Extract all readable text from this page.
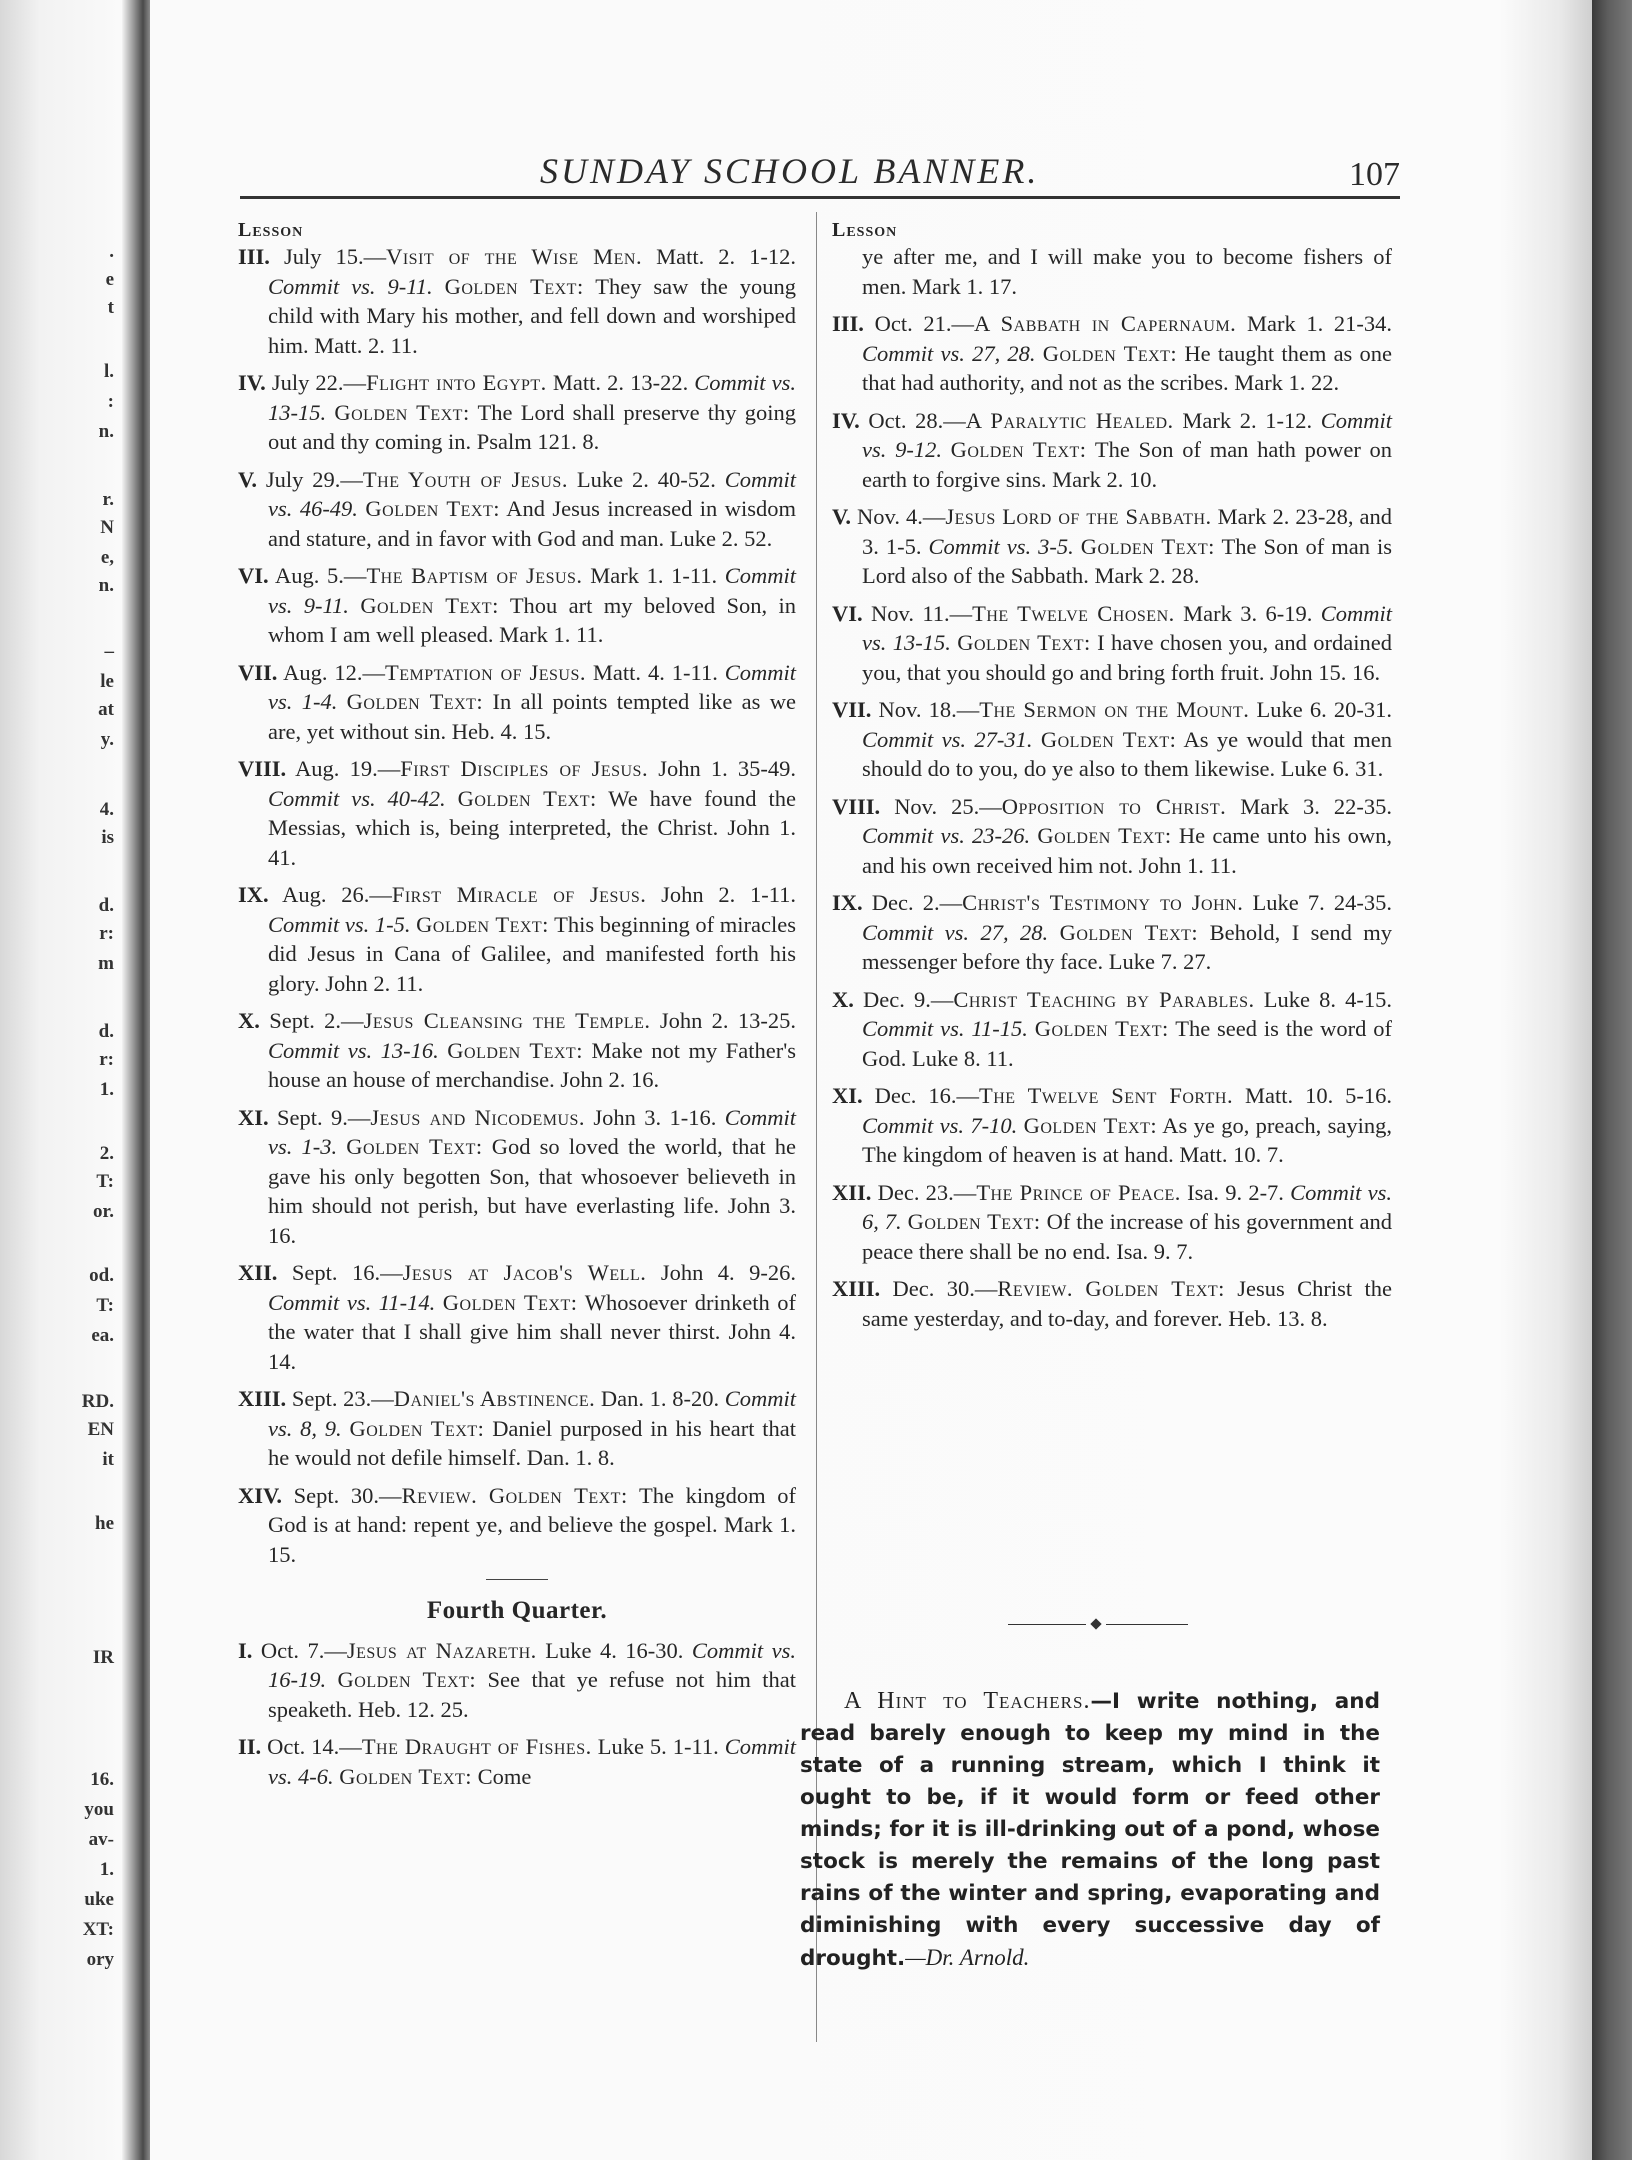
.
e
t
l.
:
n.
r.
N
e,
n.
–
le
at
y.
4.
is
d.
r:
m
d.
r:
1.
2.
T:
or.
od.
T:
ea.
RD.
EN
it
he
IR
16.
you
av-
1.
uke
XT:
ory
SUNDAY SCHOOL BANNER.	107
Lesson

III. July 15.—Visit of the Wise Men. Matt. 2. 1-12. Commit vs. 9-11. Golden Text: They saw the young child with Mary his mother, and fell down and worshiped him. Matt. 2. 11.

IV. July 22.—Flight into Egypt. Matt. 2. 13-22. Commit vs. 13-15. Golden Text: The Lord shall preserve thy going out and thy coming in. Psalm 121. 8.

V. July 29.—The Youth of Jesus. Luke 2. 40-52. Commit vs. 46-49. Golden Text: And Jesus increased in wisdom and stature, and in favor with God and man. Luke 2. 52.

VI. Aug. 5.—The Baptism of Jesus. Mark 1. 1-11. Commit vs. 9-11. Golden Text: Thou art my beloved Son, in whom I am well pleased. Mark 1. 11.

VII. Aug. 12.—Temptation of Jesus. Matt. 4. 1-11. Commit vs. 1-4. Golden Text: In all points tempted like as we are, yet without sin. Heb. 4. 15.

VIII. Aug. 19.—First Disciples of Jesus. John 1. 35-49. Commit vs. 40-42. Golden Text: We have found the Messias, which is, being interpreted, the Christ. John 1. 41.

IX. Aug. 26.—First Miracle of Jesus. John 2. 1-11. Commit vs. 1-5. Golden Text: This beginning of miracles did Jesus in Cana of Galilee, and manifested forth his glory. John 2. 11.

X. Sept. 2.—Jesus Cleansing the Temple. John 2. 13-25. Commit vs. 13-16. Golden Text: Make not my Father's house an house of merchandise. John 2. 16.

XI. Sept. 9.—Jesus and Nicodemus. John 3. 1-16. Commit vs. 1-3. Golden Text: God so loved the world, that he gave his only begotten Son, that whosoever believeth in him should not perish, but have everlasting life. John 3. 16.

XII. Sept. 16.—Jesus at Jacob's Well. John 4. 9-26. Commit vs. 11-14. Golden Text: Whosoever drinketh of the water that I shall give him shall never thirst. John 4. 14.

XIII. Sept. 23.—Daniel's Abstinence. Dan. 1. 8-20. Commit vs. 8, 9. Golden Text: Daniel purposed in his heart that he would not defile himself. Dan. 1. 8.

XIV. Sept. 30.—Review. Golden Text: The kingdom of God is at hand: repent ye, and believe the gospel. Mark 1. 15.

Fourth Quarter.

I. Oct. 7.—Jesus at Nazareth. Luke 4. 16-30. Commit vs. 16-19. Golden Text: See that ye refuse not him that speaketh. Heb. 12. 25.

II. Oct. 14.—The Draught of Fishes. Luke 5. 1-11. Commit vs. 4-6. Golden Text: Come

Lesson
ye after me, and I will make you to become fishers of men. Mark 1. 17.

III. Oct. 21.—A Sabbath in Capernaum. Mark 1. 21-34. Commit vs. 27, 28. Golden Text: He taught them as one that had authority, and not as the scribes. Mark 1. 22.

IV. Oct. 28.—A Paralytic Healed. Mark 2. 1-12. Commit vs. 9-12. Golden Text: The Son of man hath power on earth to forgive sins. Mark 2. 10.

V. Nov. 4.—Jesus Lord of the Sabbath. Mark 2. 23-28, and 3. 1-5. Commit vs. 3-5. Golden Text: The Son of man is Lord also of the Sabbath. Mark 2. 28.

VI. Nov. 11.—The Twelve Chosen. Mark 3. 6-19. Commit vs. 13-15. Golden Text: I have chosen you, and ordained you, that you should go and bring forth fruit. John 15. 16.

VII. Nov. 18.—The Sermon on the Mount. Luke 6. 20-31. Commit vs. 27-31. Golden Text: As ye would that men should do to you, do ye also to them likewise. Luke 6. 31.

VIII. Nov. 25.—Opposition to Christ. Mark 3. 22-35. Commit vs. 23-26. Golden Text: He came unto his own, and his own received him not. John 1. 11.

IX. Dec. 2.—Christ's Testimony to John. Luke 7. 24-35. Commit vs. 27, 28. Golden Text: Behold, I send my messenger before thy face. Luke 7. 27.

X. Dec. 9.—Christ Teaching by Parables. Luke 8. 4-15. Commit vs. 11-15. Golden Text: The seed is the word of God. Luke 8. 11.

XI. Dec. 16.—The Twelve Sent Forth. Matt. 10. 5-16. Commit vs. 7-10. Golden Text: As ye go, preach, saying, The kingdom of heaven is at hand. Matt. 10. 7.

XII. Dec. 23.—The Prince of Peace. Isa. 9. 2-7. Commit vs. 6, 7. Golden Text: Of the increase of his government and peace there shall be no end. Isa. 9. 7.

XIII. Dec. 30.—Review. Golden Text: Jesus Christ the same yesterday, and to-day, and forever. Heb. 13. 8.

A Hint to Teachers.—I write nothing, and read barely enough to keep my mind in the state of a running stream, which I think it ought to be, if it would form or feed other minds; for it is ill-drinking out of a pond, whose stock is merely the remains of the long past rains of the winter and spring, evaporating and diminishing with every successive day of drought.—Dr. Arnold.
